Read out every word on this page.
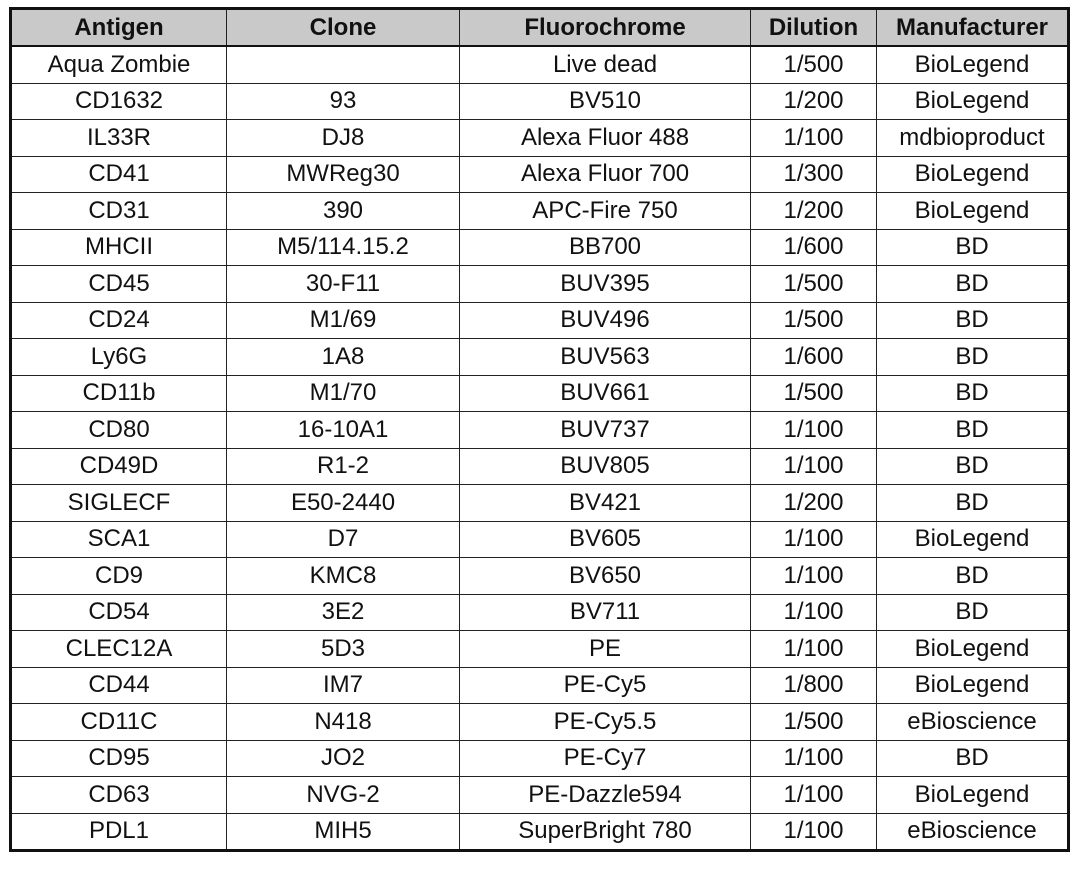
Antigen	Clone	Fluorochrome	Dilution	Manufacturer
Aqua Zombie		Live dead	1/500	BioLegend
CD1632	93	BV510	1/200	BioLegend
IL33R	DJ8	Alexa Fluor 488	1/100	mdbioproduct
CD41	MWReg30	Alexa Fluor 700	1/300	BioLegend
CD31	390	APC-Fire 750	1/200	BioLegend
MHCII	M5/114.15.2	BB700	1/600	BD
CD45	30-F11	BUV395	1/500	BD
CD24	M1/69	BUV496	1/500	BD
Ly6G	1A8	BUV563	1/600	BD
CD11b	M1/70	BUV661	1/500	BD
CD80	16-10A1	BUV737	1/100	BD
CD49D	R1-2	BUV805	1/100	BD
SIGLECF	E50-2440	BV421	1/200	BD
SCA1	D7	BV605	1/100	BioLegend
CD9	KMC8	BV650	1/100	BD
CD54	3E2	BV711	1/100	BD
CLEC12A	5D3	PE	1/100	BioLegend
CD44	IM7	PE-Cy5	1/800	BioLegend
CD11C	N418	PE-Cy5.5	1/500	eBioscience
CD95	JO2	PE-Cy7	1/100	BD
CD63	NVG-2	PE-Dazzle594	1/100	BioLegend
PDL1	MIH5	SuperBright 780	1/100	eBioscience
